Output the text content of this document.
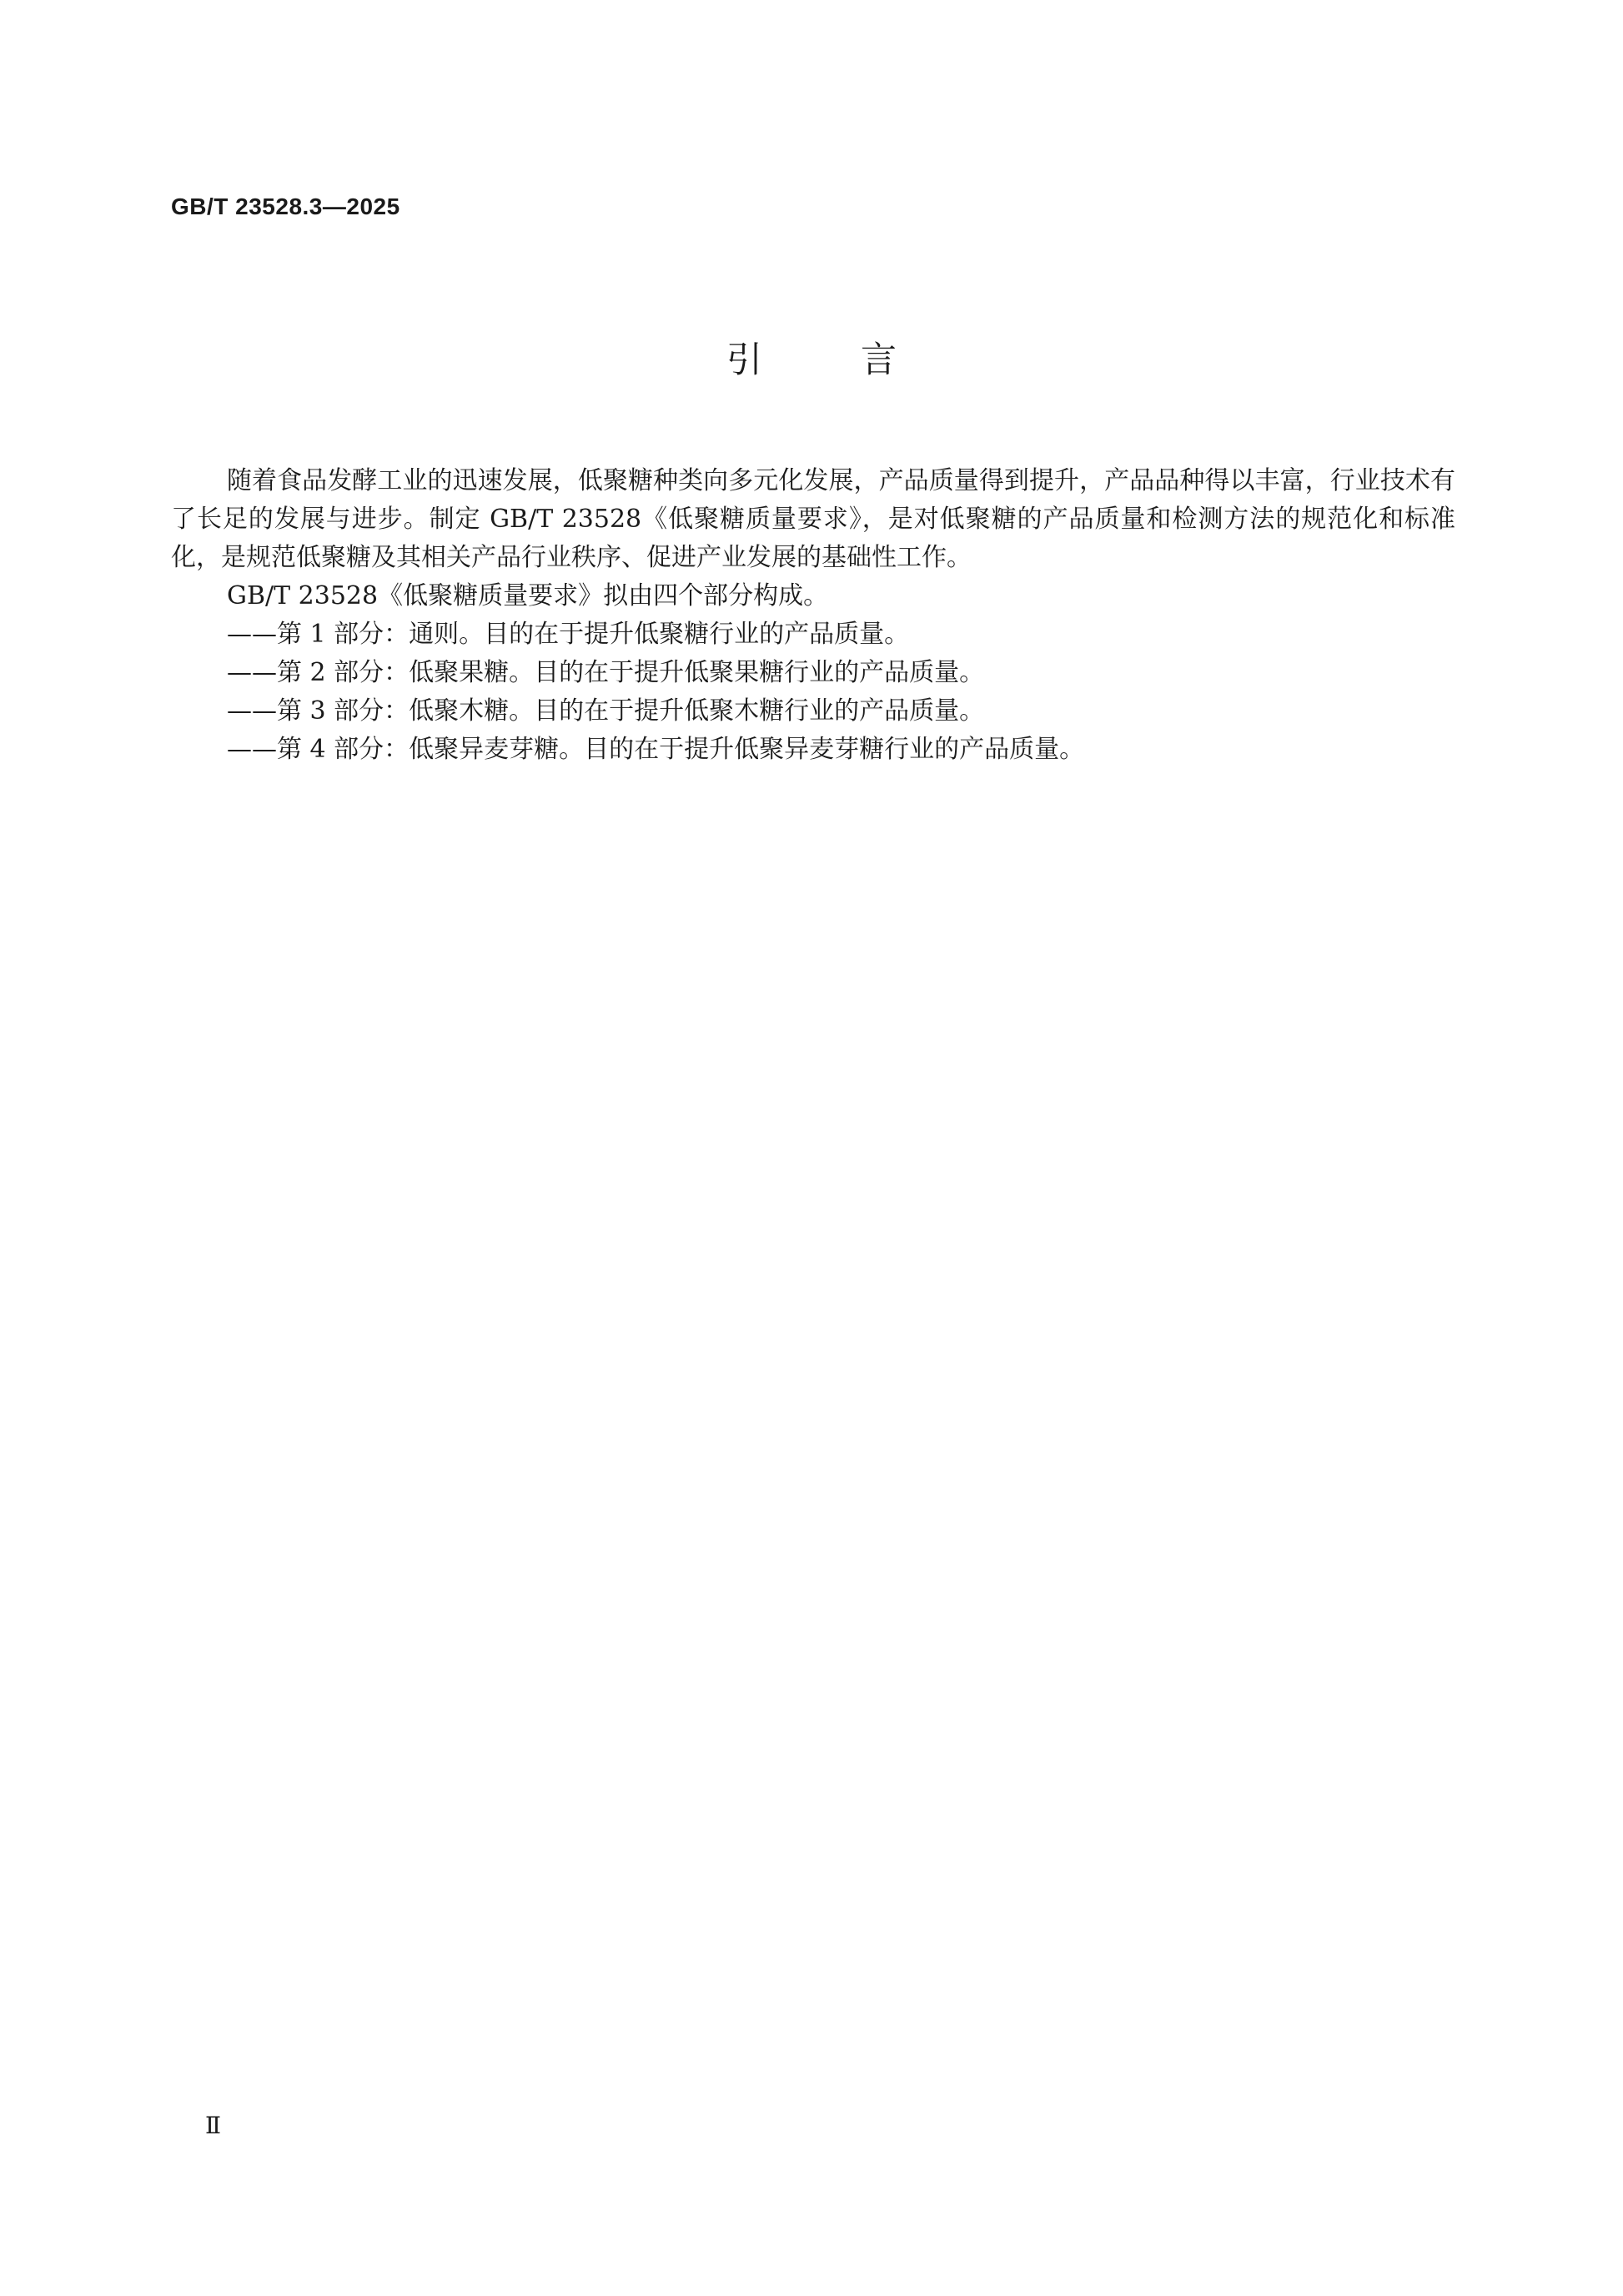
GB/T 23528.3—2025
引言

随着食品发酵工业的迅速发展，低聚糖种类向多元化发展，产品质量得到提升，产品品种得以丰富，行业技术有了长足的发展与进步。制定 GB/T 23528《低聚糖质量要求》，是对低聚糖的产品质量和检测方法的规范化和标准化，是规范低聚糖及其相关产品行业秩序、促进产业发展的基础性工作。

GB/T 23528《低聚糖质量要求》拟由四个部分构成。

——第 1 部分：通则。目的在于提升低聚糖行业的产品质量。

——第 2 部分：低聚果糖。目的在于提升低聚果糖行业的产品质量。

——第 3 部分：低聚木糖。目的在于提升低聚木糖行业的产品质量。

——第 4 部分：低聚异麦芽糖。目的在于提升低聚异麦芽糖行业的产品质量。

Ⅱ
